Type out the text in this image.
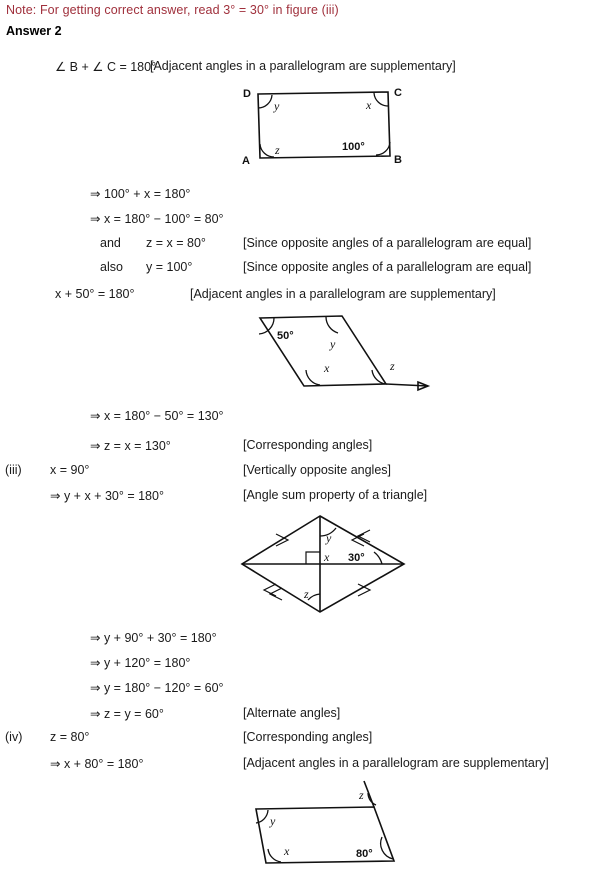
Note: For getting correct answer, read 3° = 30° in figure (iii)
Answer 2
∠ B + ∠ C = 180°
[Adjacent angles in a parallelogram are supplementary]
D	C
A	B
y	x
z	100°
⇒ 100° + x = 180°
⇒ x = 180° − 100° = 80°
and z = x = 80°	[Since opposite angles of a parallelogram are equal]
also y = 100°	[Since opposite angles of a parallelogram are equal]
x + 50° = 180°	[Adjacent angles in a parallelogram are supplementary]
50°
y
x	z
⇒ x = 180° − 50° = 130°
⇒ z = x = 130°	[Corresponding angles]
(iii) x = 90°	[Vertically opposite angles]
⇒ y + x + 30° = 180°	[Angle sum property of a triangle]
y
x 30°
z
⇒ y + 90° + 30° = 180°
⇒ y + 120° = 180°
⇒ y = 180° − 120° = 60°
⇒ z = y = 60°	[Alternate angles]
(iv) z = 80°	[Corresponding angles]
⇒ x + 80° = 180°	[Adjacent angles in a parallelogram are supplementary]
y
z
x	80°
